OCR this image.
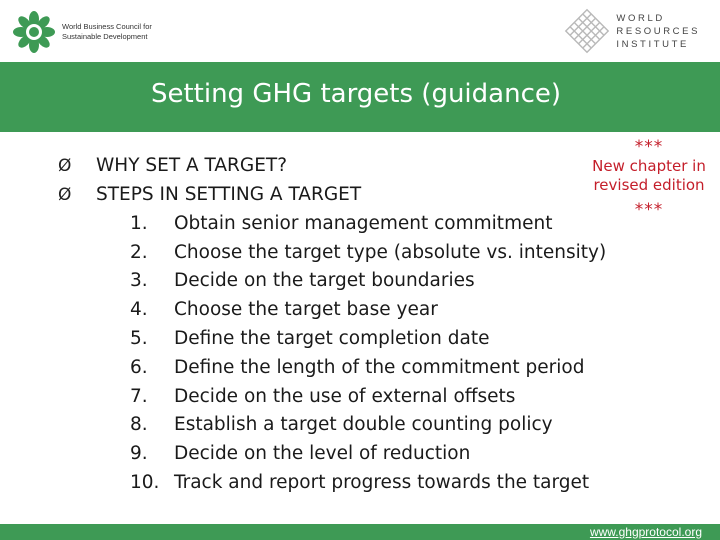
World Business Council for
Sustainable Development
WORLD
RESOURCES
INSTITUTE
Setting GHG targets (guidance)
Ø	WHY SET A TARGET?
Ø	STEPS IN SETTING A TARGET
1.	Obtain senior management commitment
2.	Choose the target type (absolute vs. intensity)
3.	Decide on the target boundaries
4.	Choose the target base year
5.	Define the target completion date
6.	Define the length of the commitment period
7.	Decide on the use of external offsets
8.	Establish a target double counting policy
9.	Decide on the level of reduction
10. Track and report progress towards the target
***
New chapter in
revised edition
***
www.ghgprotocol.org
